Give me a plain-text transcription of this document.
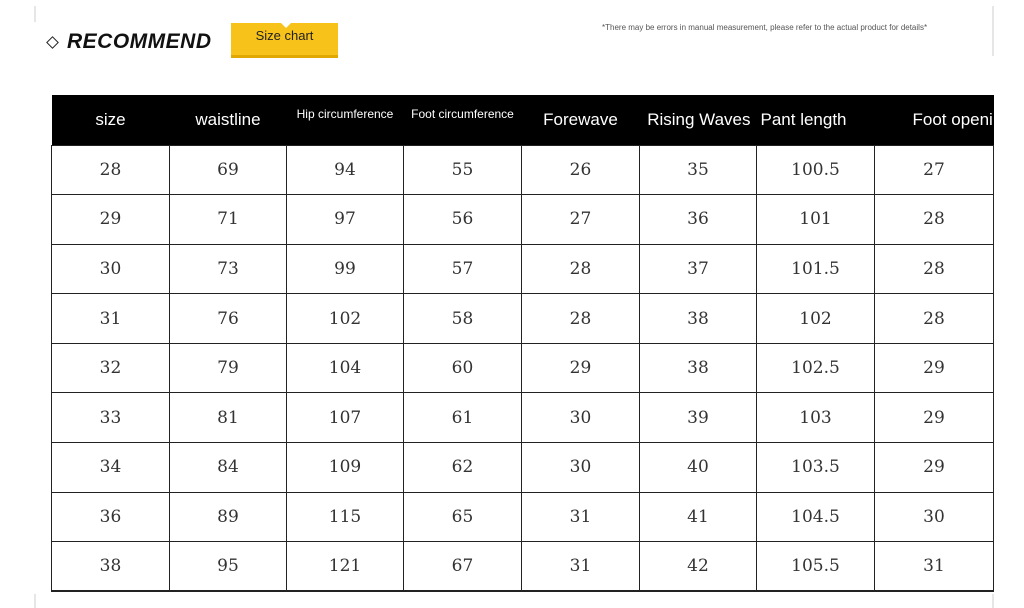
RECOMMEND	Size chart
*There may be errors in manual measurement, please refer to the actual product for details*
size	waistline	Hip circumference	Foot circumference	Forewave	Rising Waves	Pant length	Foot opening
28	69	94	55	26	35	100.5	27
29	71	97	56	27	36	101	28
30	73	99	57	28	37	101.5	28
31	76	102	58	28	38	102	28
32	79	104	60	29	38	102.5	29
33	81	107	61	30	39	103	29
34	84	109	62	30	40	103.5	29
36	89	115	65	31	41	104.5	30
38	95	121	67	31	42	105.5	31
